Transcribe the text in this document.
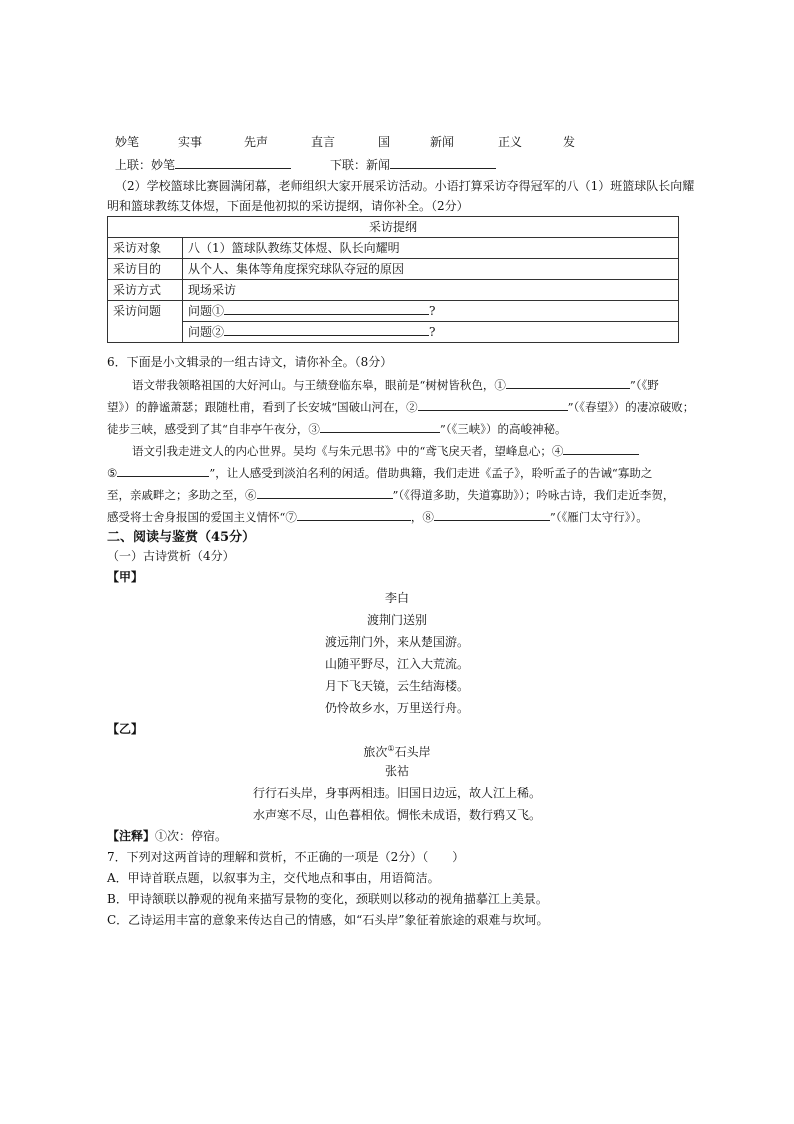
妙笔	实事	先声	直言	国	新闻	正义	发
上联：妙笔	下联：新闻
（2）学校篮球比赛圆满闭幕，老师组织大家开展采访活动。小语打算采访夺得冠军的八（1）班篮球队长向耀
明和篮球教练艾体煜，下面是他初拟的采访提纲，请你补全。（2分）
采访提纲	
采访对象	八（1）篮球队教练艾体煜、队长向耀明
采访目的	从个人、集体等角度探究球队夺冠的原因
采访方式	现场采访
采访问题	问题① ?
	问题② ?
6．下面是小文辑录的一组古诗文，请你补全。（8分）
语文带我领略祖国的大好河山。与王绩登临东皋，眼前是“树树皆秋色，①	”（《野
望》）的静谧萧瑟；跟随杜甫，看到了长安城“国破山河在，②	”（《春望》）的凄凉破败；
徒步三峡，感受到了其“自非亭午夜分，③	”（《三峡》）的高峻神秘。
语文引我走进文人的内心世界。吴均《与朱元思书》中的“鸢飞戾天者，望峰息心；④
⑤	”，让人感受到淡泊名利的闲适。借助典籍，我们走进《孟子》，聆听孟子的告诫“寡助之
至，亲戚畔之；多助之至，⑥	”（《得道多助，失道寡助》）；吟咏古诗，我们走近李贺，
感受将士舍身报国的爱国主义情怀“⑦	，⑧	”（《雁门太守行》）。
二、阅读与鉴赏（45分）
（一）古诗赏析（4分）
【甲】
李白
渡荆门送别
渡远荆门外，来从楚国游。
山随平野尽，江入大荒流。
月下飞天镜，云生结海楼。
仍怜故乡水，万里送行舟。
【乙】
旅次①石头岸
张祜
行行石头岸，身事两相违。旧国日边远，故人江上稀。
水声寒不尽，山色暮相依。惆怅未成语，数行鸦又飞。
【注释】①次：停宿。
7．下列对这两首诗的理解和赏析，不正确的一项是（2分）（　　）
A．甲诗首联点题，以叙事为主，交代地点和事由，用语简洁。
B．甲诗颔联以静观的视角来描写景物的变化，颈联则以移动的视角描摹江上美景。
C．乙诗运用丰富的意象来传达自己的情感，如“石头岸”象征着旅途的艰难与坎坷。
